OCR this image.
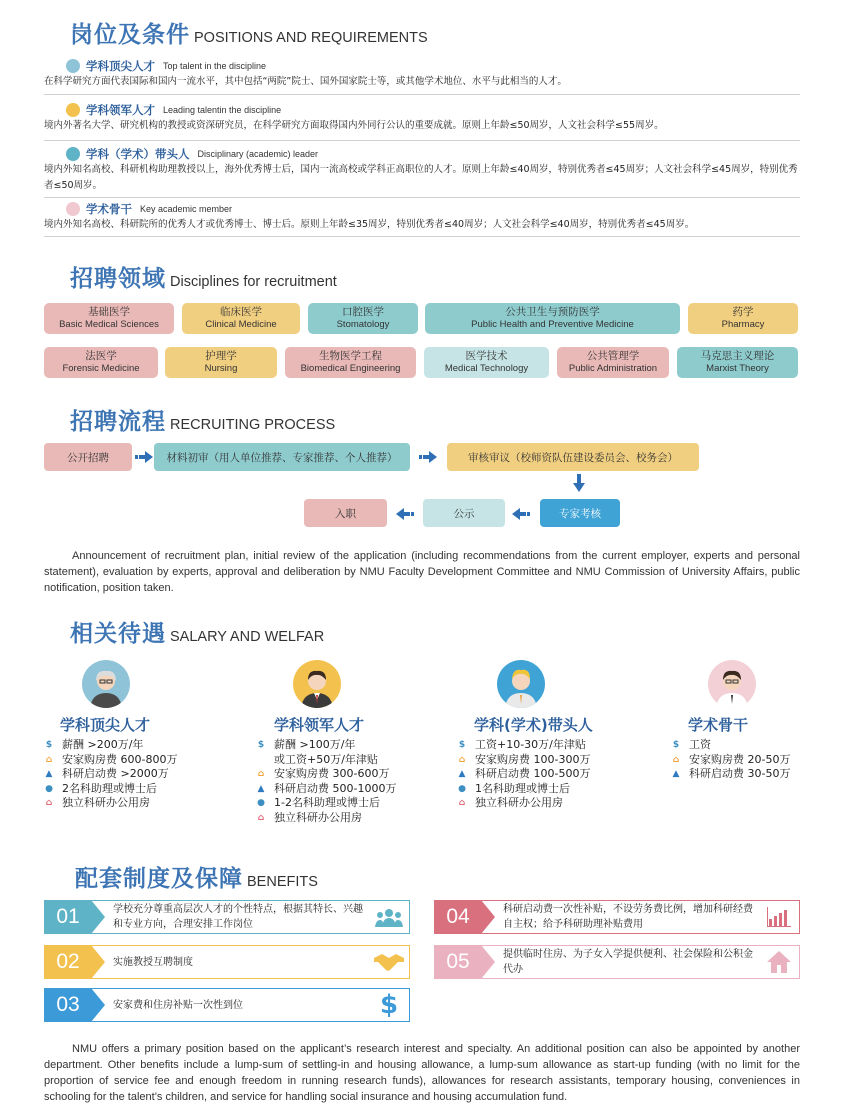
岗位及条件 POSITIONS AND REQUIREMENTS
学科顶尖人才 Top talent in the discipline
在科学研究方面代表国际和国内一流水平，其中包括“两院”院士、国外国家院士等，或其他学术地位、水平与此相当的人才。
学科领军人才 Leading talentin the discipline
境内外著名大学、研究机构的教授或资深研究员，在科学研究方面取得国内外同行公认的重要成就。原则上年龄≤50周岁，人文社会科学≤55周岁。
学科（学术）带头人 Disciplinary (academic) leader
境内外知名高校、科研机构助理教授以上，海外优秀博士后，国内一流高校或学科正高职位的人才。原则上年龄≤40周岁，特别优秀者≤45周岁；人文社会科学≤45周岁，特别优秀者≤50周岁。
学术骨干 Key academic member
境内外知名高校、科研院所的优秀人才或优秀博士、博士后。原则上年龄≤35周岁，特别优秀者≤40周岁；人文社会科学≤40周岁，特别优秀者≤45周岁。
招聘领域 Disciplines for recruitment
基础医学
Basic Medical Sciences
临床医学
Clinical Medicine
口腔医学
Stomatology
公共卫生与预防医学
Public Health and Preventive Medicine
药学
Pharmacy
法医学
Forensic Medicine
护理学
Nursing
生物医学工程
Biomedical Engineering
医学技术
Medical Technology
公共管理学
Public Administration
马克思主义理论
Marxist Theory
招聘流程 RECRUITING PROCESS
公开招聘	材料初审（用人单位推荐、专家推荐、个人推荐）	审核审议（校师资队伍建设委员会、校务会）
专家考核
公示
入职
Announcement of recruitment plan, initial review of the application (including recommendations from the current employer, experts and personal statement), evaluation by experts, approval and deliberation by NMU Faculty Development Committee and NMU Commission of University Affairs, public notification, position taken.
相关待遇 SALARY AND WELFAR
学科顶尖人才
$ 薪酬 >200万/年
⌂ 安家购房费 600-800万
▲ 科研启动费 >2000万
● 2名科助理或博士后
⌂ 独立科研办公用房
学科领军人才
$ 薪酬 >100万/年
或工资+50万/年津贴
⌂ 安家购房费 300-600万
▲ 科研启动费 500-1000万
● 1-2名科助理或博士后
⌂ 独立科研办公用房
学科(学术)带头人
$ 工资+10-30万/年津贴
⌂ 安家购房费 100-300万
▲ 科研启动费 100-500万
● 1名科助理或博士后
⌂ 独立科研办公用房
学术骨干
$ 工资
⌂ 安家购房费 20-50万
▲ 科研启动费 30-50万
配套制度及保障 BENEFITS
01	学校充分尊重高层次人才的个性特点，根据其特长、兴趣和专业方向，合理安排工作岗位
02	实施教授互聘制度
03	安家费和住房补贴一次性到位	$
04	科研启动费一次性补贴，不设劳务费比例，增加科研经费自主权；给予科研助理补贴费用
05	提供临时住房、为子女入学提供便利、社会保险和公积金代办
NMU offers a primary position based on the applicant’s research interest and specialty. An additional position can also be appointed by another department. Other benefits include a lump-sum of settling-in and housing allowance, a lump-sum allowance as start-up funding (with no limit for the proportion of service fee and enough freedom in running research funds), allowances for research assistants, temporary housing, conveniences in schooling for the talent’s children, and service for handling social insurance and housing accumulation fund.
